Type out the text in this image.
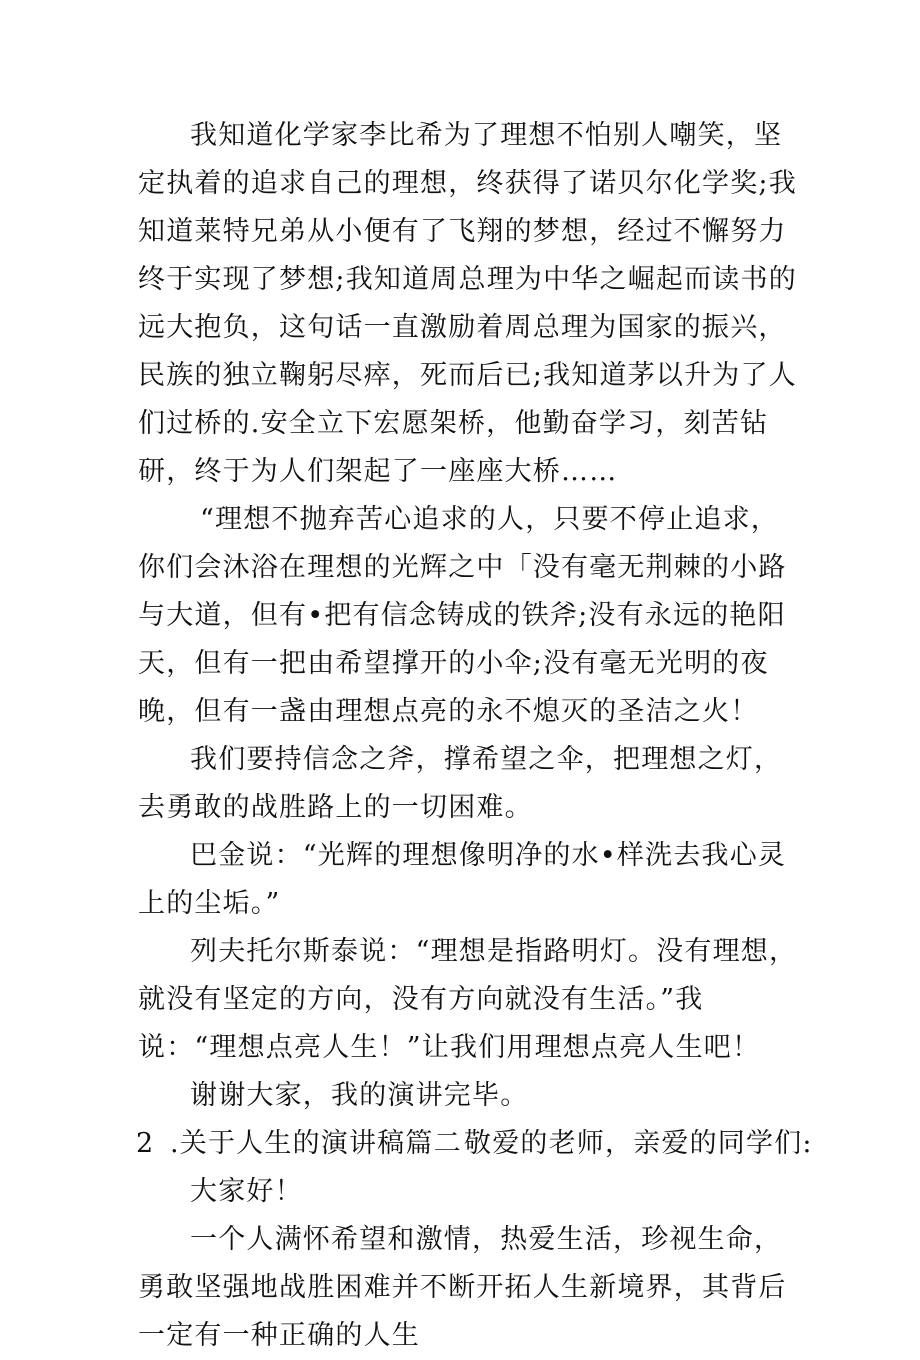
我知道化学家李比希为了理想不怕别人嘲笑，坚定执着的追求自己的理想，终获得了诺贝尔化学奖;我知道莱特兄弟从小便有了飞翔的梦想，经过不懈努力终于实现了梦想;我知道周总理为中华之崛起而读书的远大抱负，这句话一直激励着周总理为国家的振兴，民族的独立鞠躬尽瘁，死而后已;我知道茅以升为了人们过桥的.安全立下宏愿架桥，他勤奋学习，刻苦钻研，终于为人们架起了一座座大桥……

“理想不抛弃苦心追求的人，只要不停止追求，你们会沐浴在理想的光辉之中「没有毫无荆棘的小路与大道，但有•把有信念铸成的铁斧;没有永远的艳阳天，但有一把由希望撑开的小伞;没有毫无光明的夜晚，但有一盏由理想点亮的永不熄灭的圣洁之火！

我们要持信念之斧，撑希望之伞，把理想之灯，去勇敢的战胜路上的一切困难。

巴金说：“光辉的理想像明净的水•样洗去我心灵上的尘垢。”

列夫托尔斯泰说：“理想是指路明灯。没有理想，就没有坚定的方向，没有方向就没有生活。”我说：“理想点亮人生！”让我们用理想点亮人生吧！

谢谢大家，我的演讲完毕。

2 .关于人生的演讲稿篇二 敬爱的老师，亲爱的同学们:

大家好！

一个人满怀希望和激情，热爱生活，珍视生命，勇敢坚强地战胜困难并不断开拓人生新境界，其背后一定有一种正确的人生
